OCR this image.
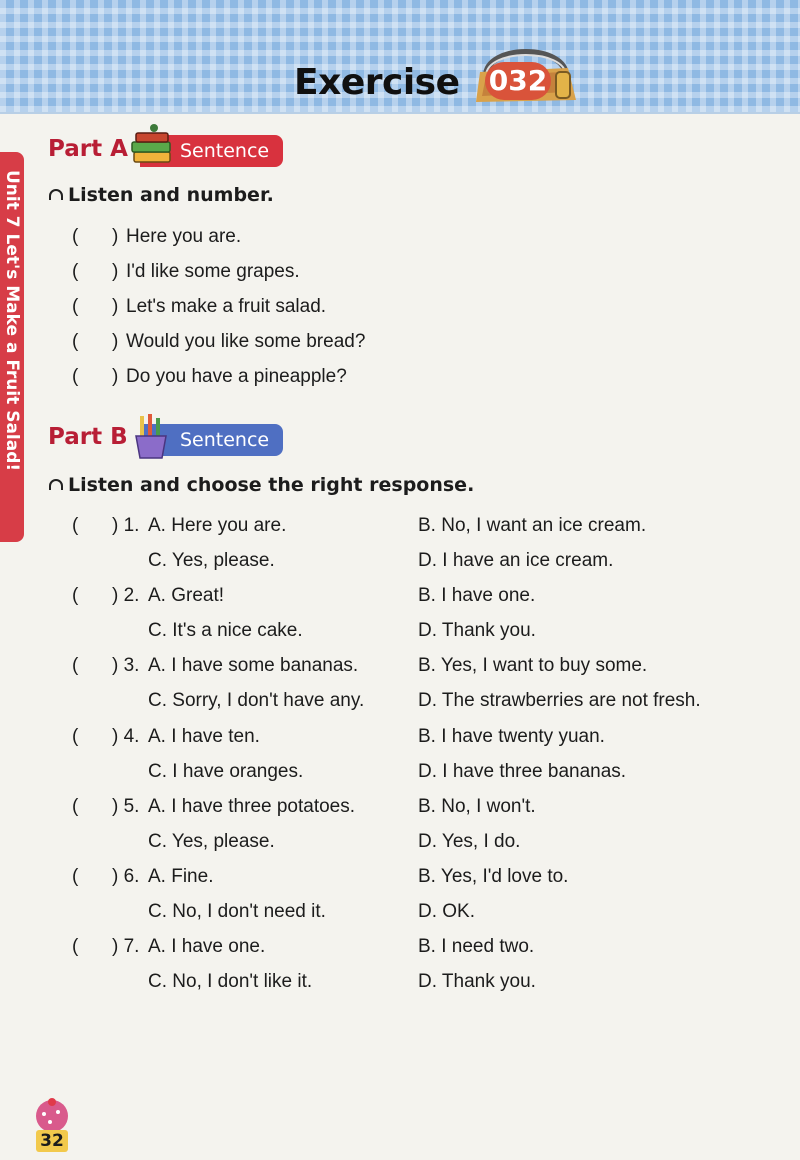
Exercise 032
Unit 7 Let's Make a Fruit Salad!
Part A	Sentence
Listen and number.
( ) Here you are.
( ) I'd like some grapes.
( ) Let's make a fruit salad.
( ) Would you like some bread?
( ) Do you have a pineapple?
Part B	Sentence
Listen and choose the right response.
( ) 1. A. Here you are.	B. No, I want an ice cream.
C. Yes, please.	D. I have an ice cream.
( ) 2. A. Great!	B. I have one.
C. It's a nice cake.	D. Thank you.
( ) 3. A. I have some bananas.	B. Yes, I want to buy some.
C. Sorry, I don't have any.	D. The strawberries are not fresh.
( ) 4. A. I have ten.	B. I have twenty yuan.
C. I have oranges.	D. I have three bananas.
( ) 5. A. I have three potatoes.	B. No, I won't.
C. Yes, please.	D. Yes, I do.
( ) 6. A. Fine.	B. Yes, I'd love to.
C. No, I don't need it.	D. OK.
( ) 7. A. I have one.	B. I need two.
C. No, I don't like it.	D. Thank you.
32
